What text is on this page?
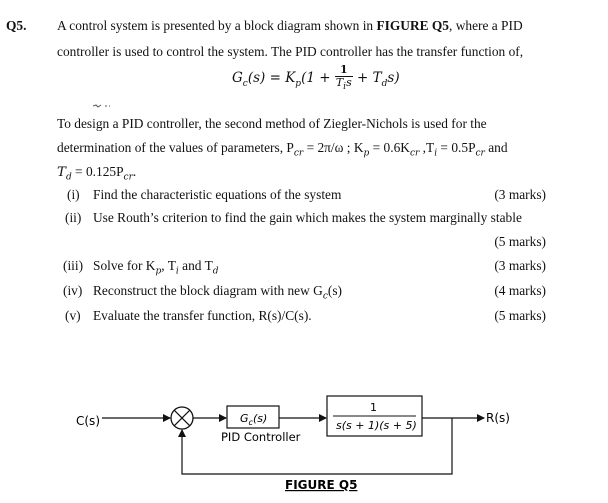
Q5. A control system is presented by a block diagram shown in FIGURE Q5, where a PID
controller is used to control the system. The PID controller has the transfer function of,
$G_c(s) = K_p(1 + \frac{1}{T_is} + T_ds)$
To design a PID controller, the second method of Ziegler-Nichols is used for the
determination of the values of parameters, $P_{cr} = 2\pi/\omega$ ; $K_p = 0.6K_{cr}$ $,T_i = 0.5P_{cr}$ and
$T_d = 0.125P_{cr}$.
(i) Find the characteristic equations of the system	(3 marks)
(ii) Use Routh’s criterion to find the gain which makes the system marginally stable
(5 marks)
(iii) Solve for $K_p$, $T_i$ and $T_d$	(3 marks)
(iv) Reconstruct the block diagram with new $G_c(s)$	(4 marks)
(v) Evaluate the transfer function, R(s)/C(s).	(5 marks)
C(s)	$G_c(s)$
PID Controller
1
s(s + 1)(s + 5)
R(s)
FIGURE Q5
